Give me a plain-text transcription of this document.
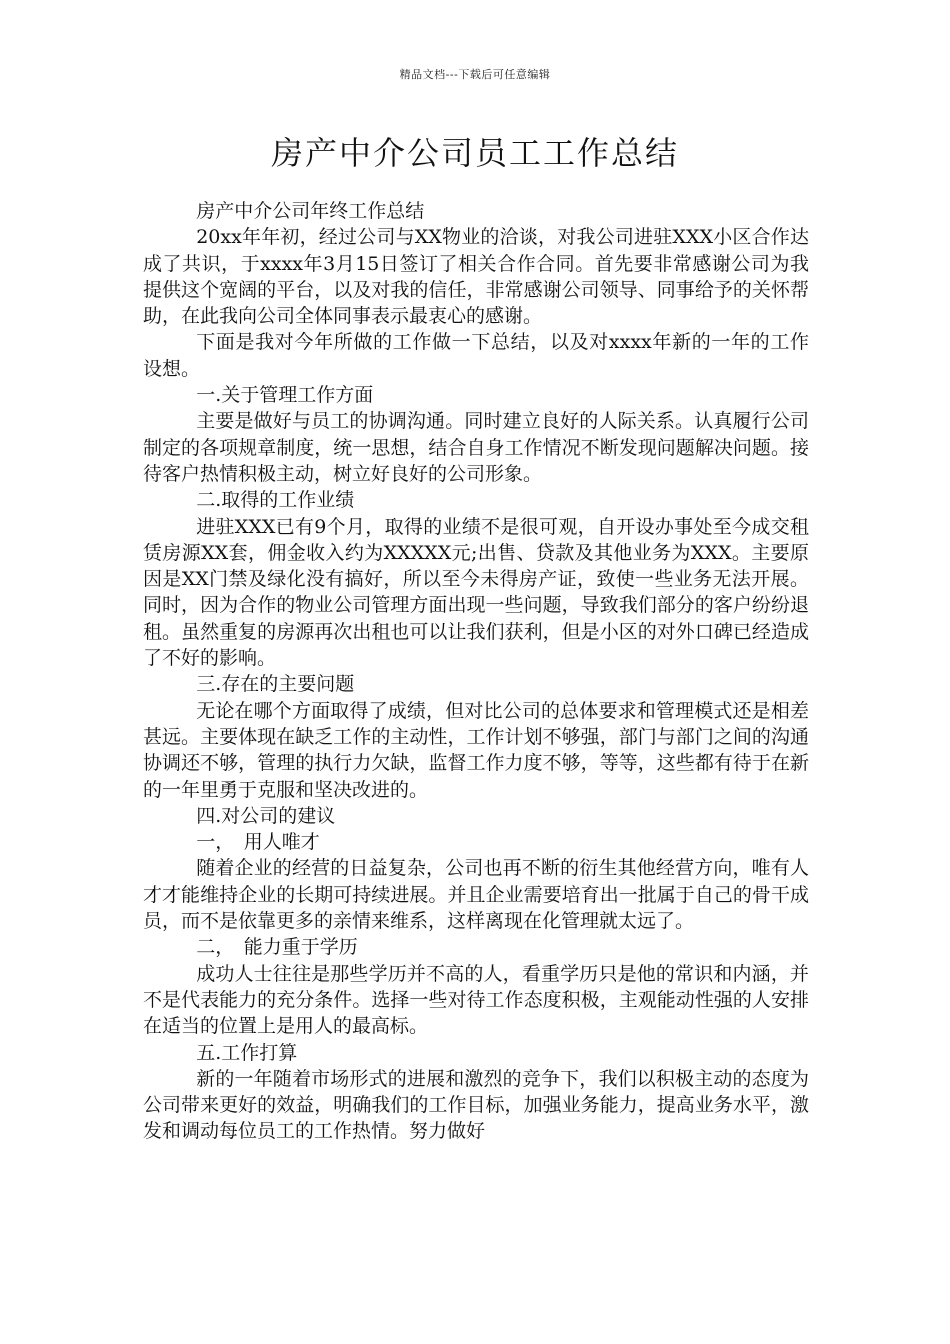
精品文档---下载后可任意编辑
房产中介公司员工工作总结

房产中介公司年终工作总结

20xx年年初，经过公司与XX物业的洽谈，对我公司进驻XXX小区合作达成了共识，于xxxx年3月15日签订了相关合作合同。首先要非常感谢公司为我提供这个宽阔的平台，以及对我的信任，非常感谢公司领导、同事给予的关怀帮助，在此我向公司全体同事表示最衷心的感谢。

下面是我对今年所做的工作做一下总结，以及对xxxx年新的一年的工作设想。

一.关于管理工作方面

主要是做好与员工的协调沟通。同时建立良好的人际关系。认真履行公司制定的各项规章制度，统一思想，结合自身工作情况不断发现问题解决问题。接待客户热情积极主动，树立好良好的公司形象。

二.取得的工作业绩

进驻XXX已有9个月，取得的业绩不是很可观，自开设办事处至今成交租赁房源XX套，佣金收入约为XXXXX元;出售、贷款及其他业务为XXX。主要原因是XX门禁及绿化没有搞好，所以至今未得房产证，致使一些业务无法开展。同时，因为合作的物业公司管理方面出现一些问题，导致我们部分的客户纷纷退租。虽然重复的房源再次出租也可以让我们获利，但是小区的对外口碑已经造成了不好的影响。

三.存在的主要问题

无论在哪个方面取得了成绩，但对比公司的总体要求和管理模式还是相差甚远。主要体现在缺乏工作的主动性，工作计划不够强，部门与部门之间的沟通协调还不够，管理的执行力欠缺，监督工作力度不够，等等，这些都有待于在新的一年里勇于克服和坚决改进的。

四.对公司的建议

一，　用人唯才

随着企业的经营的日益复杂，公司也再不断的衍生其他经营方向，唯有人才才能维持企业的长期可持续进展。并且企业需要培育出一批属于自己的骨干成员，而不是依靠更多的亲情来维系，这样离现在化管理就太远了。

二，　能力重于学历

成功人士往往是那些学历并不高的人，看重学历只是他的常识和内涵，并不是代表能力的充分条件。选择一些对待工作态度积极，主观能动性强的人安排在适当的位置上是用人的最高标。

五.工作打算

新的一年随着市场形式的进展和激烈的竞争下，我们以积极主动的态度为公司带来更好的效益，明确我们的工作目标，加强业务能力，提高业务水平，激发和调动每位员工的工作热情。努力做好
